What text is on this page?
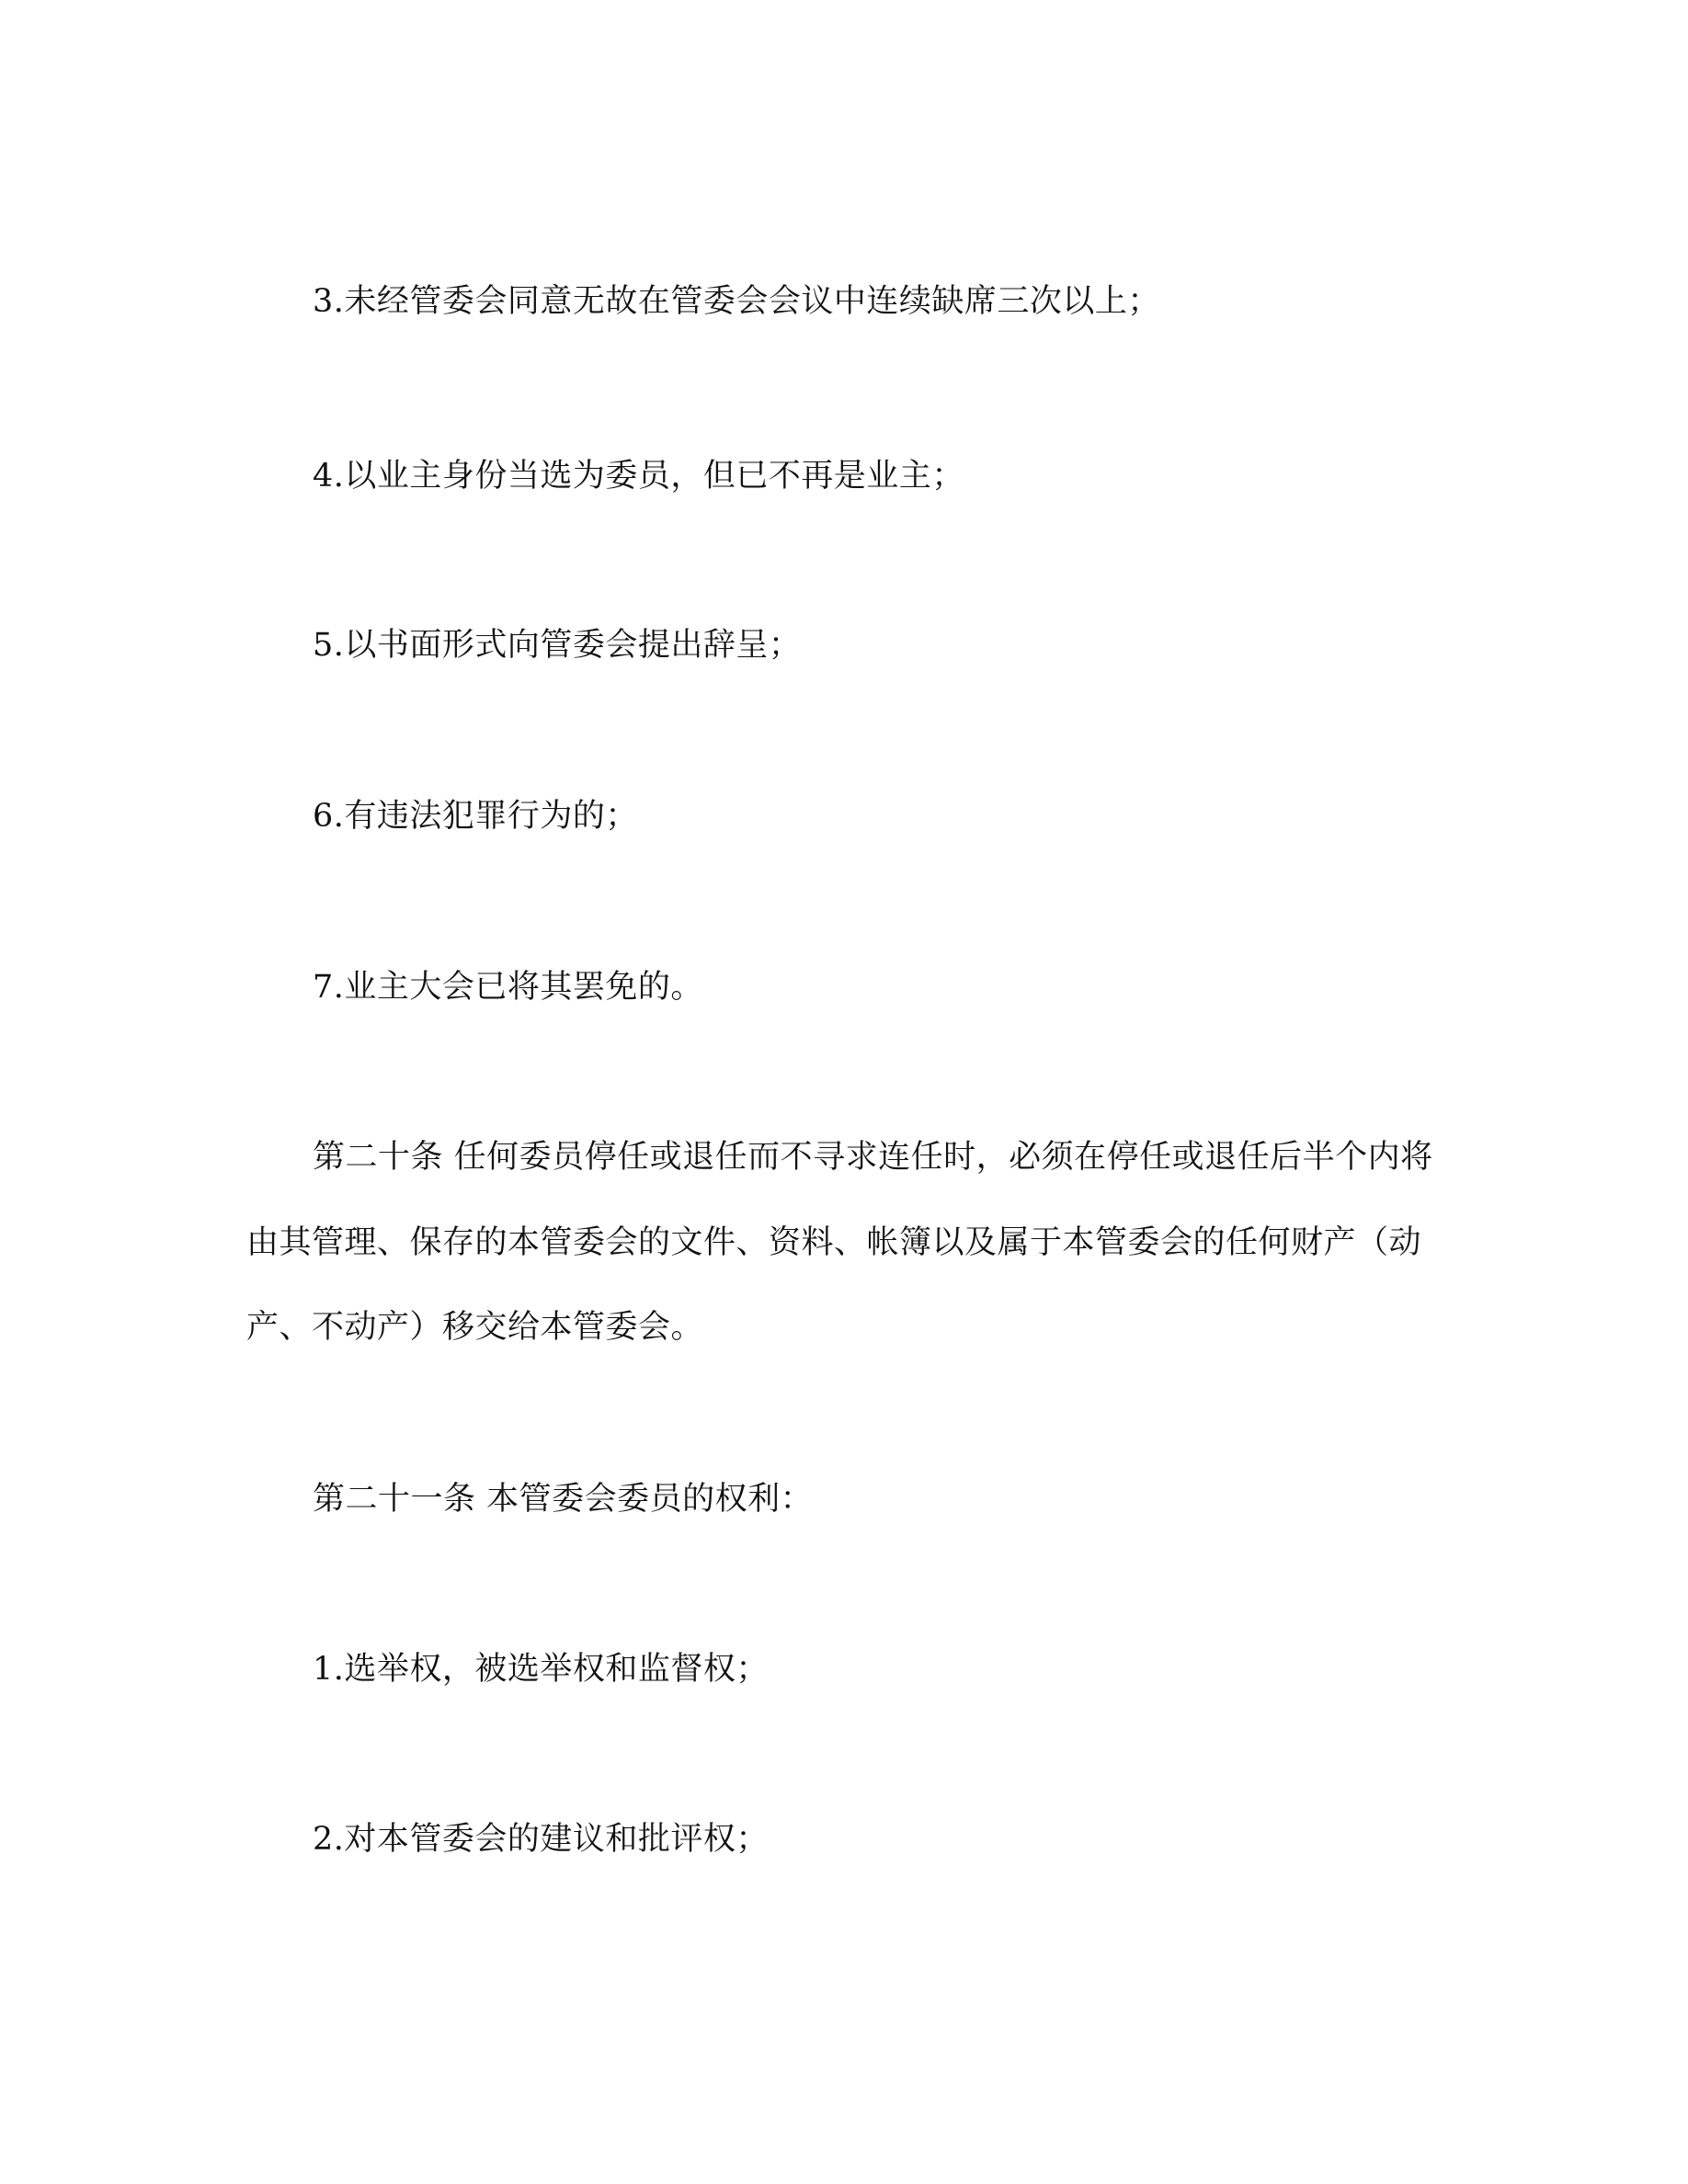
3.未经管委会同意无故在管委会会议中连续缺席三次以上；
4.以业主身份当选为委员，但已不再是业主；
5.以书面形式向管委会提出辞呈；
6.有违法犯罪行为的；
7.业主大会已将其罢免的。
第二十条 任何委员停任或退任而不寻求连任时，必须在停任或退任后半个内将
由其管理、保存的本管委会的文件、资料、帐簿以及属于本管委会的任何财产（动
产、不动产）移交给本管委会。
第二十一条 本管委会委员的权利：
1.选举权，被选举权和监督权；
2.对本管委会的建议和批评权；
